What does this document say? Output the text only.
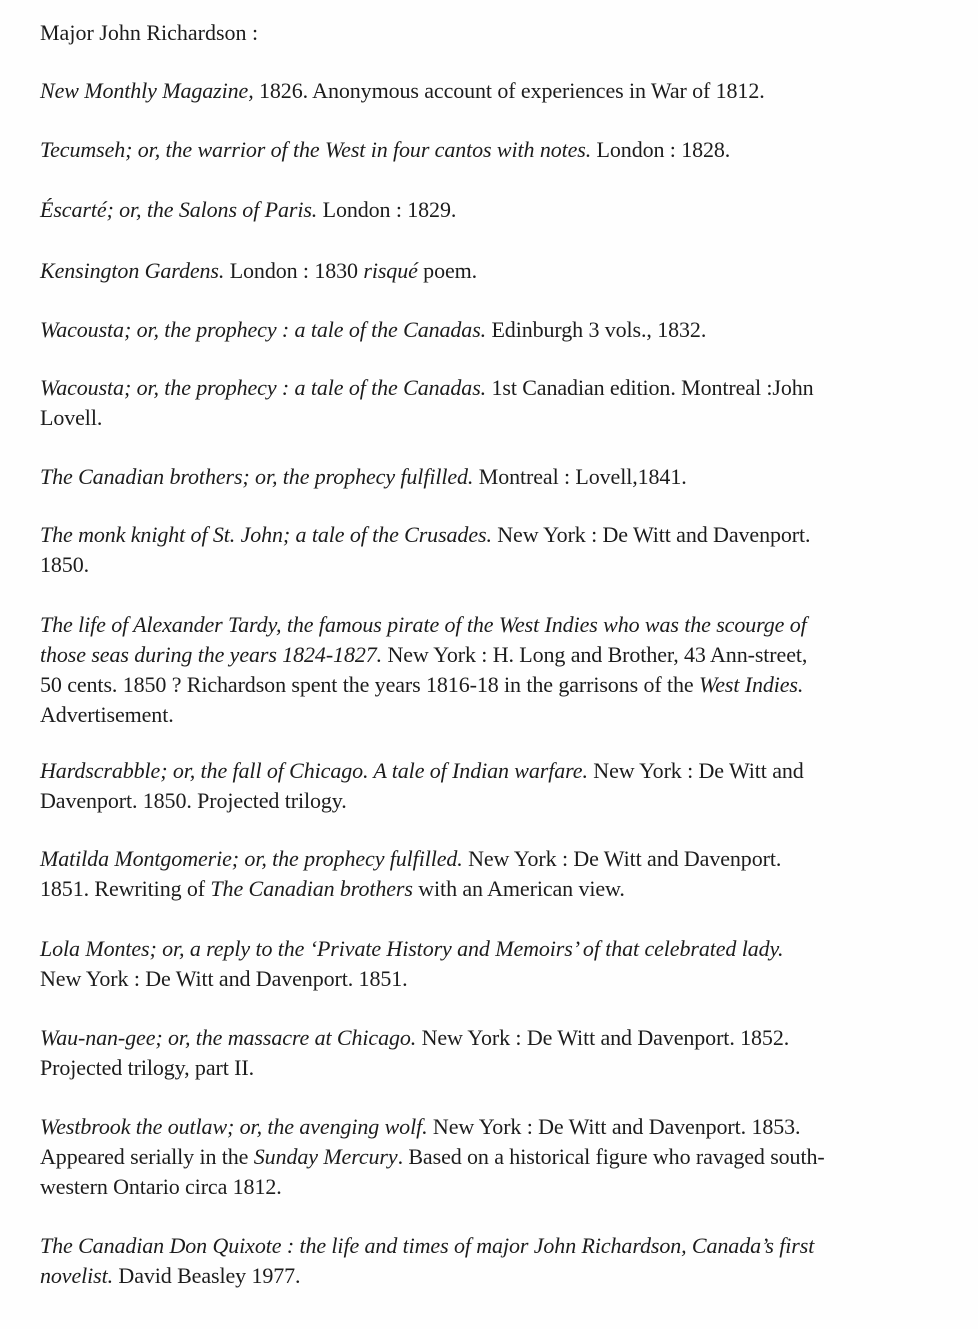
Major John Richardson :
New Monthly Magazine, 1826. Anonymous account of experiences in War of 1812.
Tecumseh; or, the warrior of the West in four cantos with notes. London : 1828.
Éscarté; or, the Salons of Paris. London : 1829.
Kensington Gardens. London : 1830 risqué poem.
Wacousta; or, the prophecy : a tale of the Canadas. Edinburgh 3 vols., 1832.
Wacousta; or, the prophecy : a tale of the Canadas. 1st Canadian edition. Montreal :John
Lovell.
The Canadian brothers; or, the prophecy fulfilled. Montreal : Lovell,1841.
The monk knight of St. John; a tale of the Crusades. New York : De Witt and Davenport.
1850.
The life of Alexander Tardy, the famous pirate of the West Indies who was the scourge of
those seas during the years 1824-1827. New York : H. Long and Brother, 43 Ann-street,
50 cents. 1850 ? Richardson spent the years 1816-18 in the garrisons of the West Indies.
Advertisement.
Hardscrabble; or, the fall of Chicago. A tale of Indian warfare. New York : De Witt and
Davenport. 1850. Projected trilogy.
Matilda Montgomerie; or, the prophecy fulfilled. New York : De Witt and Davenport.
1851. Rewriting of The Canadian brothers with an American view.
Lola Montes; or, a reply to the ‘Private History and Memoirs’ of that celebrated lady.
New York : De Witt and Davenport. 1851.
Wau-nan-gee; or, the massacre at Chicago. New York : De Witt and Davenport. 1852.
Projected trilogy, part II.
Westbrook the outlaw; or, the avenging wolf. New York : De Witt and Davenport. 1853.
Appeared serially in the Sunday Mercury. Based on a historical figure who ravaged south-
western Ontario circa 1812.
The Canadian Don Quixote : the life and times of major John Richardson, Canada’s first
novelist. David Beasley 1977.
